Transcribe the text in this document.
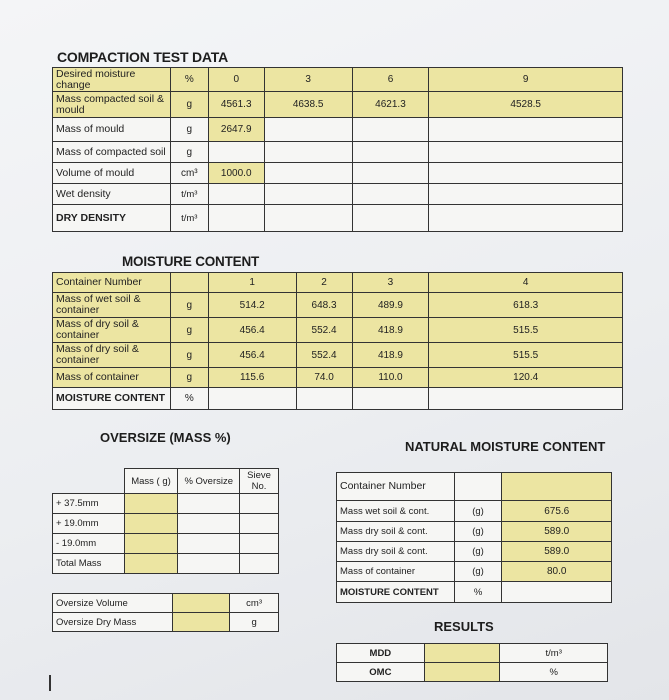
COMPACTION TEST DATA
Desired moisture change	%	0	3	6	9
Mass compacted soil & mould	g	4561.3	4638.5	4621.3	4528.5
Mass of mould	g	2647.9			
Mass of compacted soil	g				
Volume of mould	cm³	1000.0			
Wet density	t/m³				
DRY DENSITY	t/m³				
MOISTURE CONTENT
Container Number		1	2	3	4
Mass of wet soil & container	g	514.2	648.3	489.9	618.3
Mass of dry soil & container	g	456.4	552.4	418.9	515.5
Mass of dry soil & container	g	456.4	552.4	418.9	515.5
Mass of container	g	115.6	74.0	110.0	120.4
MOISTURE CONTENT	%				
OVERSIZE (MASS %)
	Mass ( g)	% Oversize	Sieve No.
+ 37.5mm			
+ 19.0mm			
- 19.0mm			
Total Mass			
Oversize Volume		cm³
Oversize Dry Mass		g
NATURAL MOISTURE CONTENT
Container Number		
Mass wet soil & cont.	(g)	675.6
Mass dry soil & cont.	(g)	589.0
Mass dry soil & cont.	(g)	589.0
Mass of container	(g)	80.0
MOISTURE CONTENT	%	
RESULTS
MDD		t/m³
OMC		%
